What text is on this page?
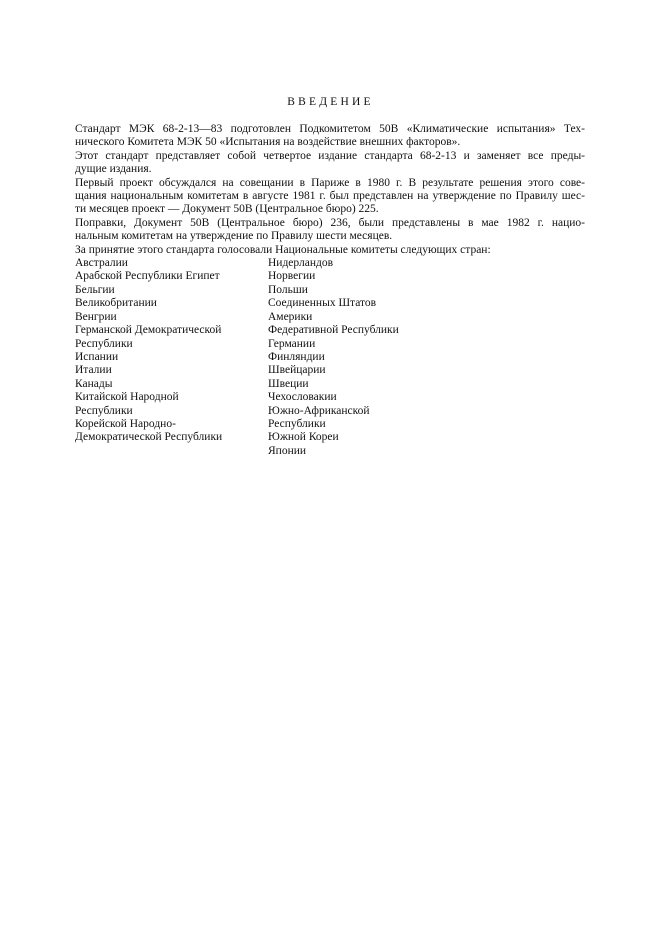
ВВЕДЕНИЕ
Стандарт МЭК 68-2-13—83 подготовлен Подкомитетом 50В «Климатические испытания» Тех-
нического Комитета МЭК 50 «Испытания на воздействие внешних факторов».
Этот стандарт представляет собой четвертое издание стандарта 68-2-13 и заменяет все преды-
дущие издания.
Первый проект обсуждался на совещании в Париже в 1980 г. В результате решения этого сове-
щания национальным комитетам в августе 1981 г. был представлен на утверждение по Правилу шес-
ти месяцев проект — Документ 50В (Центральное бюро) 225.
Поправки, Документ 50В (Центральное бюро) 236, были представлены в мае 1982 г. нацио-
нальным комитетам на утверждение по Правилу шести месяцев.
За принятие этого стандарта голосовали Национальные комитеты следующих стран:
Австралии
Арабской Республики Египет
Бельгии
Великобритании
Венгрии
Германской Демократической
Республики
Испании
Италии
Канады
Китайской Народной
Республики
Корейской Народно-
Демократической Республики
Нидерландов
Норвегии
Польши
Соединенных Штатов
Америки
Федеративной Республики
Германии
Финляндии
Швейцарии
Швеции
Чехословакии
Южно-Африканской
Республики
Южной Кореи
Японии
